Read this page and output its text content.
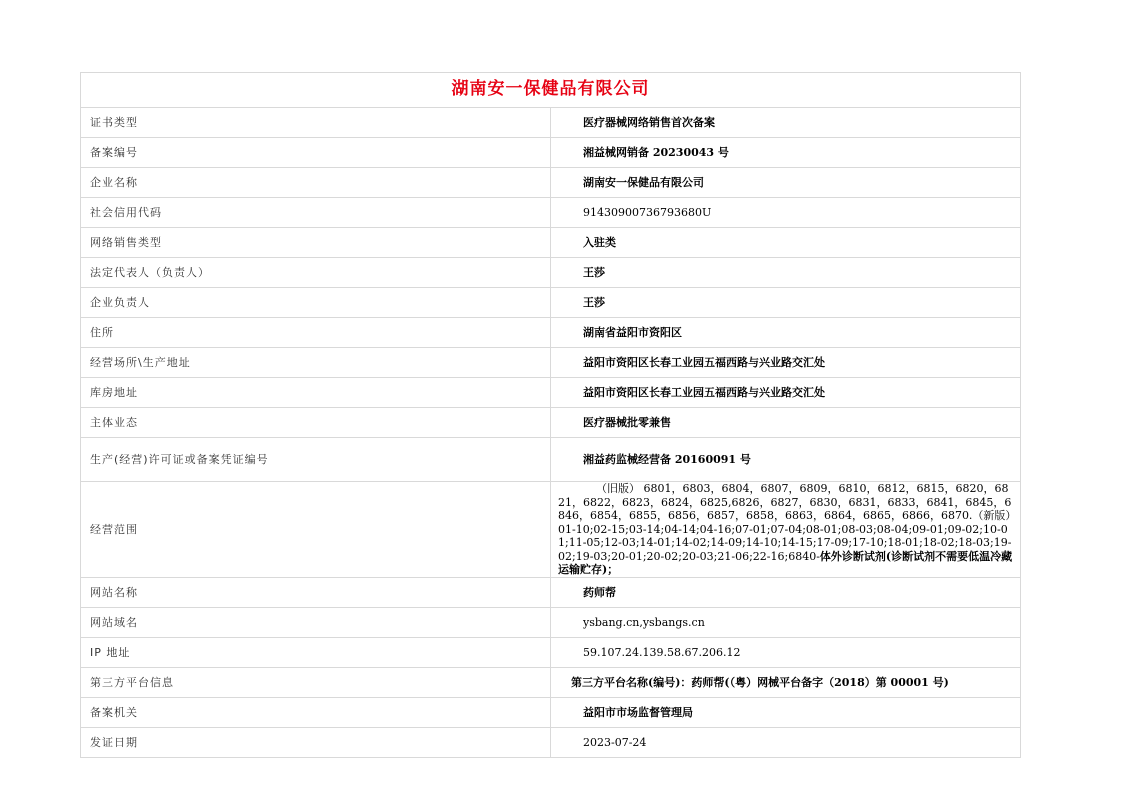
湖南安一保健品有限公司	
证书类型	医疗器械网络销售首次备案
备案编号	湘益械网销备 20230043 号
企业名称	湖南安一保健品有限公司
社会信用代码	91430900736793680U
网络销售类型	入驻类
法定代表人（负责人）	王莎
企业负责人	王莎
住所	湖南省益阳市资阳区
经营场所\生产地址	益阳市资阳区长春工业园五福西路与兴业路交汇处
库房地址	益阳市资阳区长春工业园五福西路与兴业路交汇处
主体业态	医疗器械批零兼售
生产(经营)许可证或备案凭证编号	湘益药监械经营备 20160091 号
经营范围	（旧版） 6801，6803，6804，6807，6809，6810，6812，6815，6820，6821，6822，6823，6824，6825,6826，6827，6830，6831，6833，6841，6845，6846，6854，6855，6856，6857，6858，6863，6864，6865，6866，6870.（新版）01-10;02-15;03-14;04-14;04-16;07-01;07-04;08-01;08-03;08-04;09-01;09-02;10-01;11-05;12-03;14-01;14-02;14-09;14-10;14-15;17-09;17-10;18-01;18-02;18-03;19-02;19-03;20-01;20-02;20-03;21-06;22-16;6840-体外诊断试剂(诊断试剂不需要低温冷藏运输贮存)；
网站名称	药师帮
网站域名	ysbang.cn,ysbangs.cn
IP 地址	59.107.24.139.58.67.206.12
第三方平台信息	第三方平台名称(编号)：药师帮(（粤）网械平台备字（2018）第 00001 号)
备案机关	益阳市市场监督管理局
发证日期	2023-07-24
